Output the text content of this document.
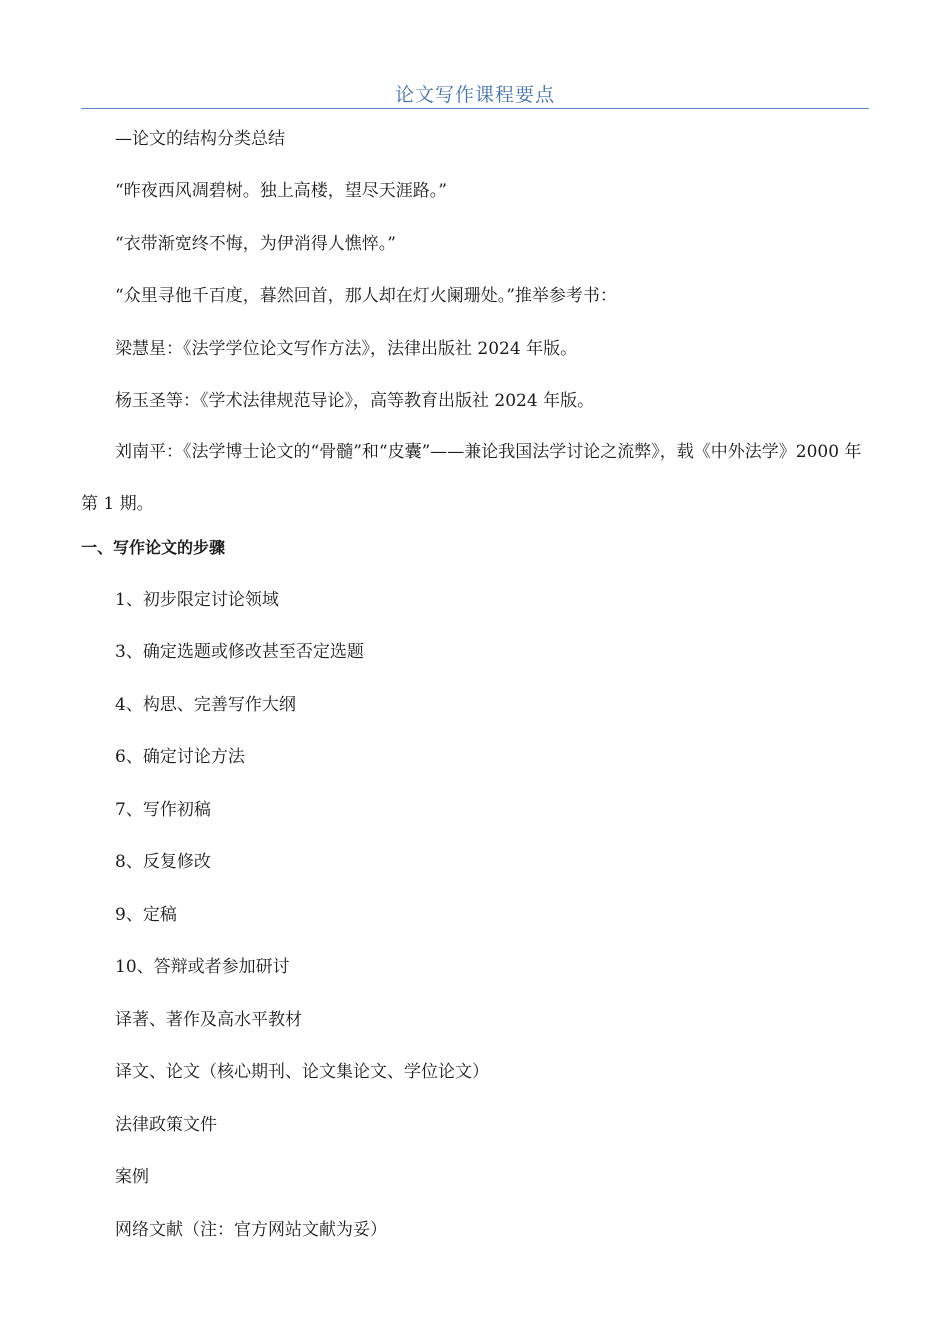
论文写作课程要点
—论文的结构分类总结
“昨夜西风凋碧树。独上高楼，望尽天涯路。”
“衣带渐宽终不悔，为伊消得人憔悴。”
“众里寻他千百度，暮然回首，那人却在灯火阑珊处。”推举参考书：
梁慧星：《法学学位论文写作方法》，法律出版社 2024 年版。
杨玉圣等：《学术法律规范导论》，高等教育出版社 2024 年版。
刘南平：《法学博士论文的“骨髓”和“皮囊”——兼论我国法学讨论之流弊》，载《中外法学》2000 年第 1 期。
一、写作论文的步骤
1、初步限定讨论领域
3、确定选题或修改甚至否定选题
4、构思、完善写作大纲
6、确定讨论方法
7、写作初稿
8、反复修改
9、定稿
10、答辩或者参加研讨
译著、著作及高水平教材
译文、论文（核心期刊、论文集论文、学位论文）
法律政策文件
案例
网络文献（注：官方网站文献为妥）
